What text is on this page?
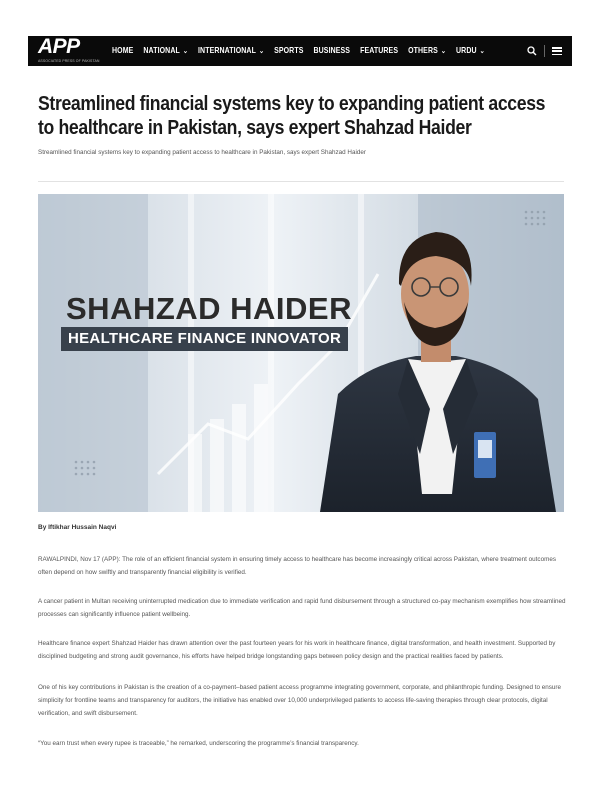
APP
ASSOCIATED PRESS OF PAKISTAN
HOME NATIONAL ⌄ INTERNATIONAL ⌄ SPORTS BUSINESS FEATURES OTHERS ⌄ URDU ⌄
Streamlined financial systems key to expanding patient access to healthcare in Pakistan, says expert Shahzad Haider
Streamlined financial systems key to expanding patient access to healthcare in Pakistan, says expert Shahzad Haider
SHAHZAD HAIDER
HEALTHCARE FINANCE INNOVATOR
By Iftikhar Hussain Naqvi

RAWALPINDI, Nov 17 (APP): The role of an efficient financial system in ensuring timely access to healthcare has become increasingly critical across Pakistan, where treatment outcomes often depend on how swiftly and transparently financial eligibility is verified.

A cancer patient in Multan receiving uninterrupted medication due to immediate verification and rapid fund disbursement through a structured co-pay mechanism exemplifies how streamlined processes can significantly influence patient wellbeing.

Healthcare finance expert Shahzad Haider has drawn attention over the past fourteen years for his work in healthcare finance, digital transformation, and health investment. Supported by disciplined budgeting and strong audit governance, his efforts have helped bridge longstanding gaps between policy design and the practical realities faced by patients.

One of his key contributions in Pakistan is the creation of a co-payment–based patient access programme integrating government, corporate, and philanthropic funding. Designed to ensure simplicity for frontline teams and transparency for auditors, the initiative has enabled over 10,000 underprivileged patients to access life-saving therapies through clear protocols, digital verification, and swift disbursement.

“You earn trust when every rupee is traceable,” he remarked, underscoring the programme’s financial transparency.
